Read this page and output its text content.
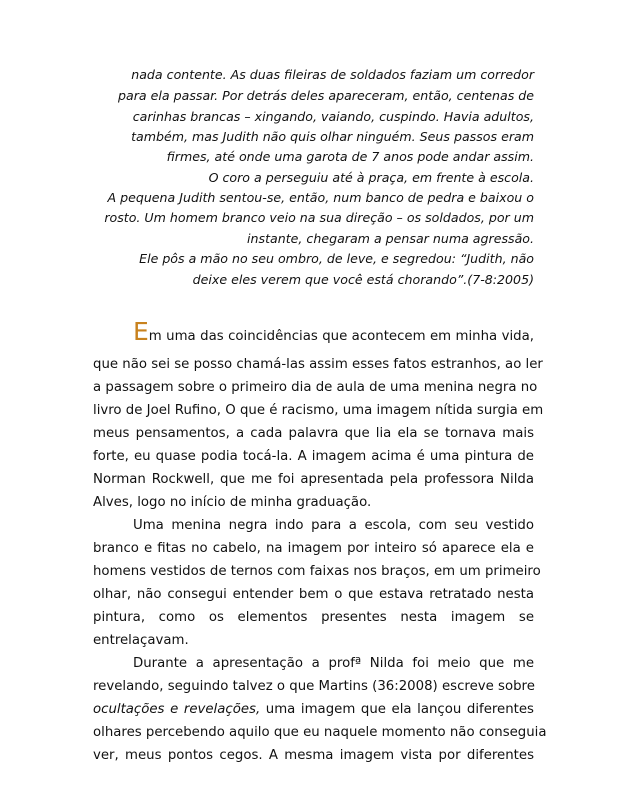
nada contente. As duas fileiras de soldados faziam um corredor
para ela passar. Por detrás deles apareceram, então, centenas de
carinhas brancas – xingando, vaiando, cuspindo. Havia adultos,
também, mas Judith não quis olhar ninguém. Seus passos eram
firmes, até onde uma garota de 7 anos pode andar assim.
O coro a perseguiu até à praça, em frente à escola.
A pequena Judith sentou-se, então, num banco de pedra e baixou o
rosto. Um homem branco veio na sua direção – os soldados, por um
instante, chegaram a pensar numa agressão.
Ele pôs a mão no seu ombro, de leve, e segredou: “Judith, não
deixe eles verem que você está chorando”.(7-8:2005)
Em uma das coincidências que acontecem em minha vida,
que não sei se posso chamá-las assim esses fatos estranhos, ao ler
a passagem sobre o primeiro dia de aula de uma menina negra no
livro de Joel Rufino, O que é racismo, uma imagem nítida surgia em
meus pensamentos, a cada palavra que lia ela se tornava mais
forte, eu quase podia tocá-la. A imagem acima é uma pintura de
Norman Rockwell, que me foi apresentada pela professora Nilda
Alves, logo no início de minha graduação.
Uma menina negra indo para a escola, com seu vestido
branco e fitas no cabelo, na imagem por inteiro só aparece ela e
homens vestidos de ternos com faixas nos braços, em um primeiro
olhar, não consegui entender bem o que estava retratado nesta
pintura, como os elementos presentes nesta imagem se
entrelaçavam.
Durante a apresentação a profª Nilda foi meio que me
revelando, seguindo talvez o que Martins (36:2008) escreve sobre
ocultações e revelações, uma imagem que ela lançou diferentes
olhares percebendo aquilo que eu naquele momento não conseguia
ver, meus pontos cegos. A mesma imagem vista por diferentes
